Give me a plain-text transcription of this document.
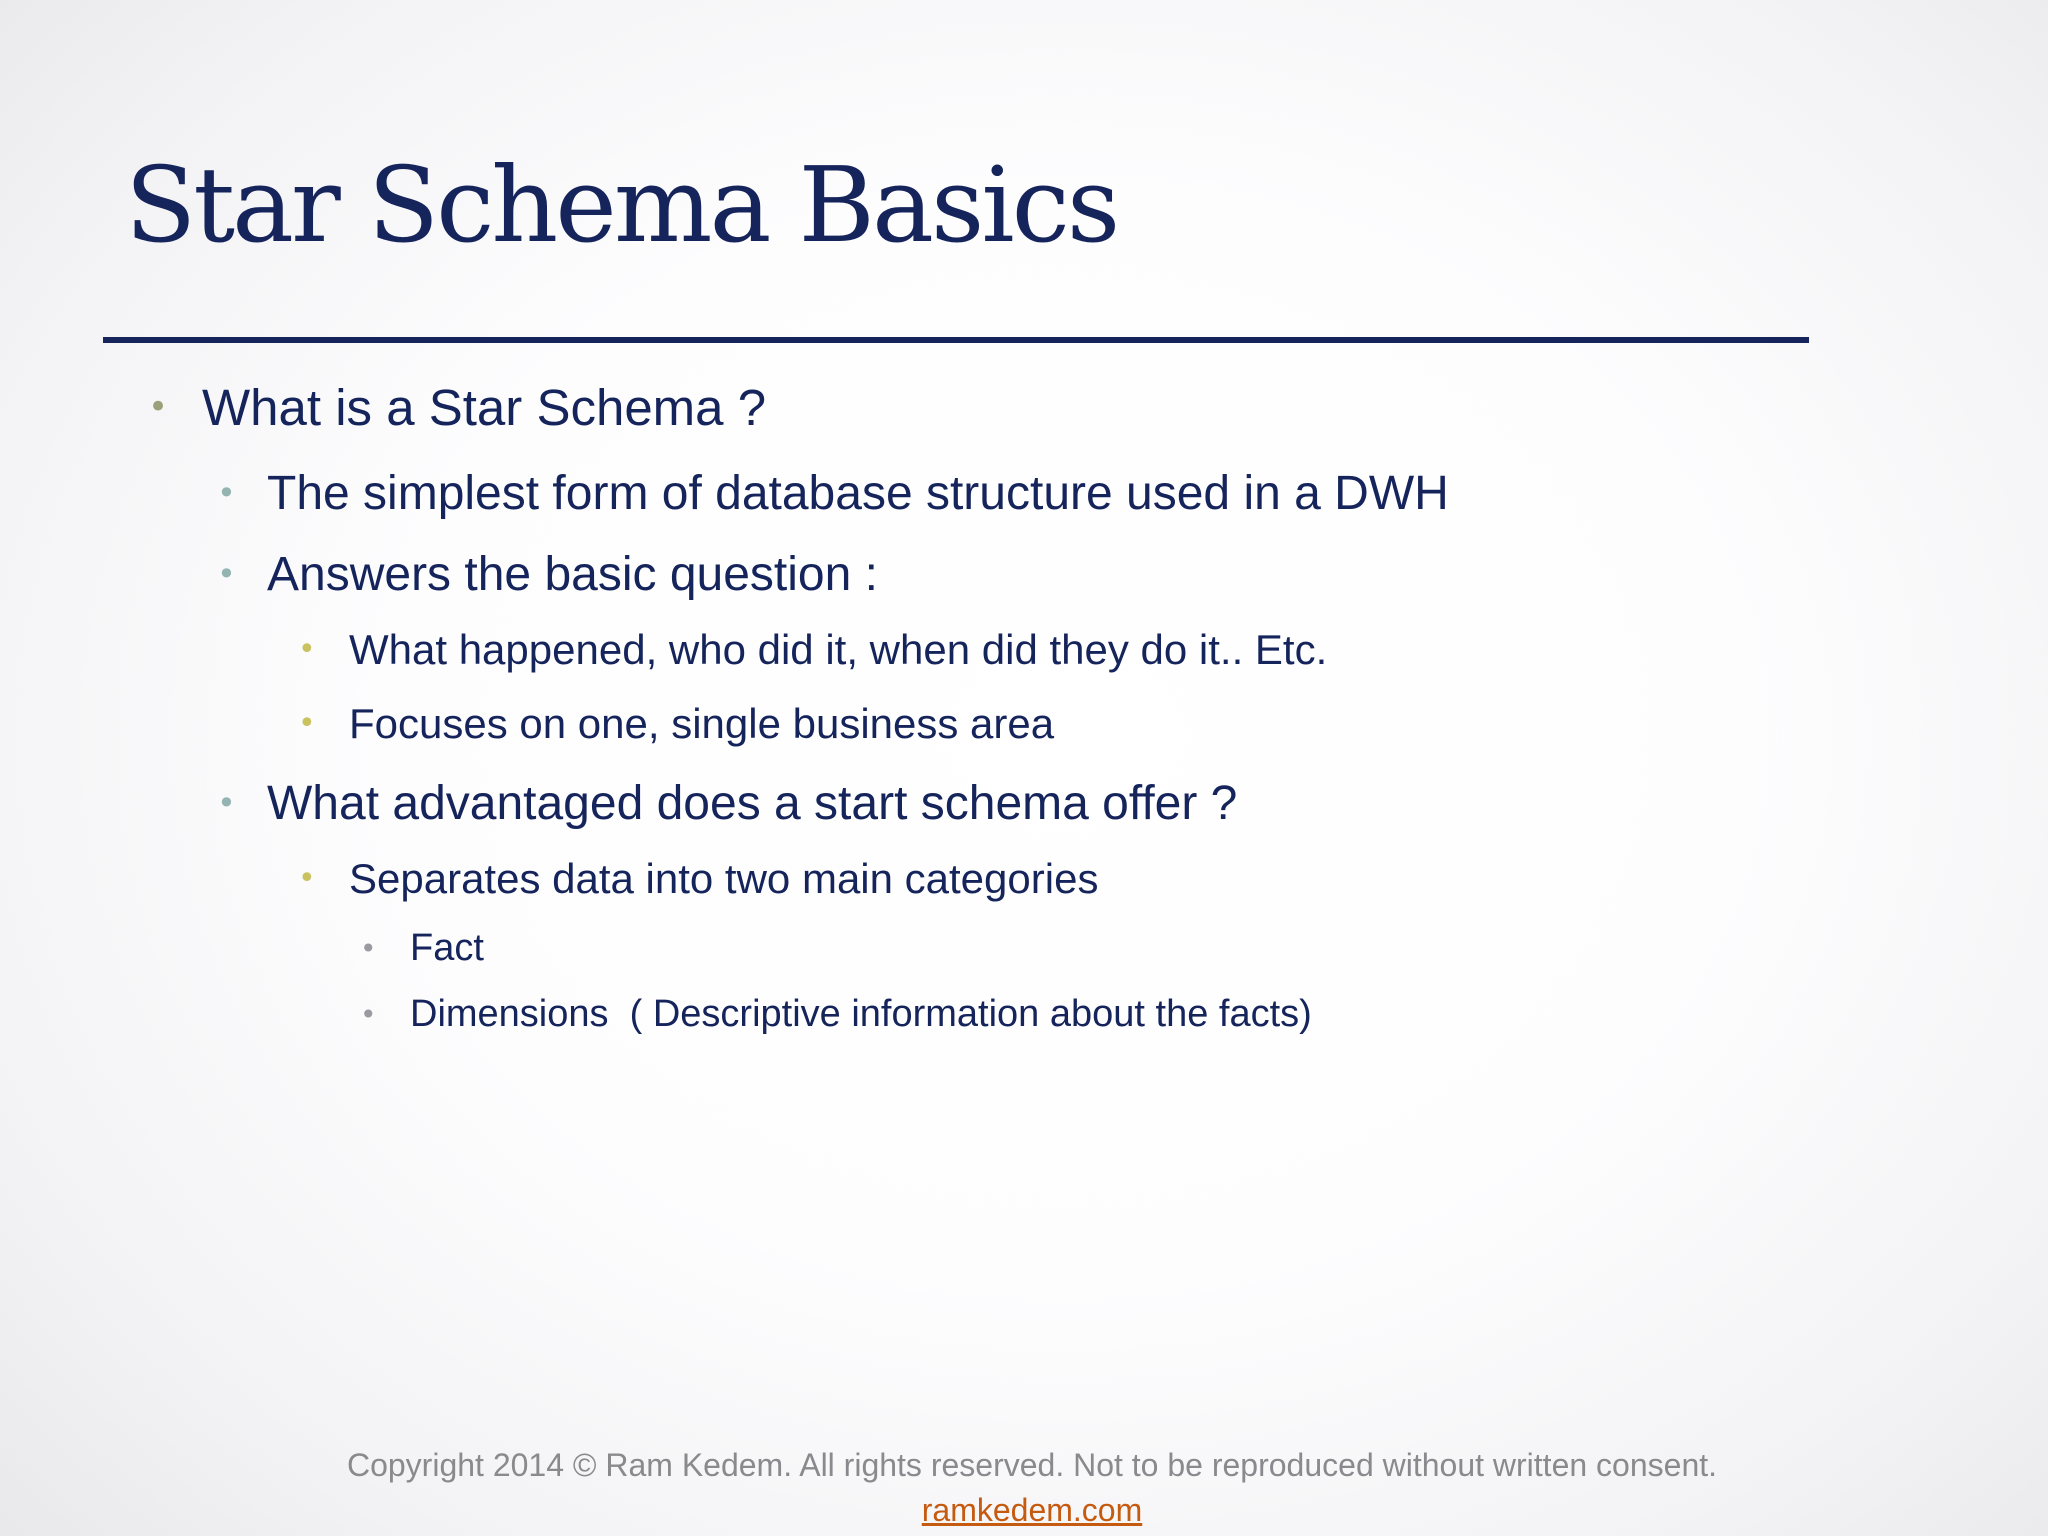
Star Schema Basics
• What is a Star Schema ?
• The simplest form of database structure used in a DWH
• Answers the basic question :
• What happened, who did it, when did they do it.. Etc.
• Focuses on one, single business area
• What advantaged does a start schema offer ?
• Separates data into two main categories
• Fact
• Dimensions  ( Descriptive information about the facts)
Copyright 2014 © Ram Kedem. All rights reserved. Not to be reproduced without written consent.
ramkedem.com
